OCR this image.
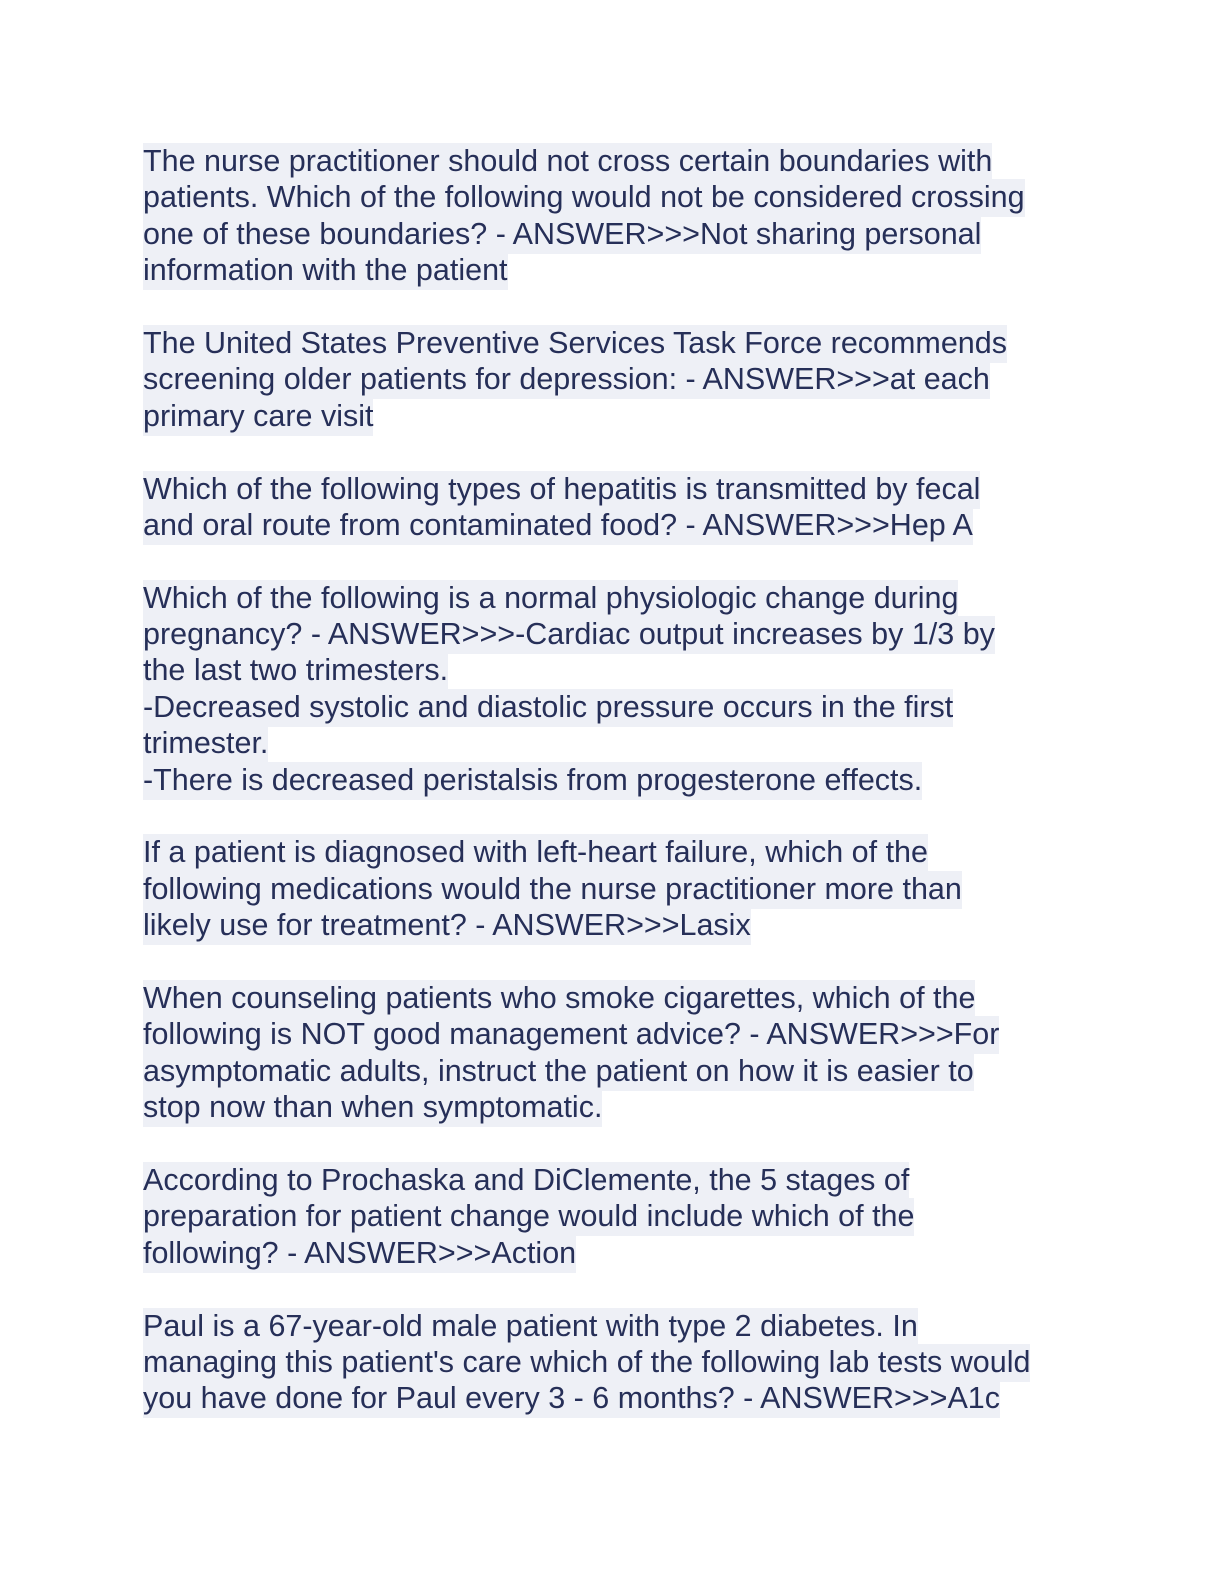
The nurse practitioner should not cross certain boundaries with
patients. Which of the following would not be considered crossing
one of these boundaries? - ANSWER>>>Not sharing personal
information with the patient
The United States Preventive Services Task Force recommends
screening older patients for depression: - ANSWER>>>at each
primary care visit
Which of the following types of hepatitis is transmitted by fecal
and oral route from contaminated food? - ANSWER>>>Hep A
Which of the following is a normal physiologic change during
pregnancy? - ANSWER>>>-Cardiac output increases by 1/3 by
the last two trimesters.
-Decreased systolic and diastolic pressure occurs in the first
trimester.
-There is decreased peristalsis from progesterone effects.
If a patient is diagnosed with left-heart failure, which of the
following medications would the nurse practitioner more than
likely use for treatment? - ANSWER>>>Lasix
When counseling patients who smoke cigarettes, which of the
following is NOT good management advice? - ANSWER>>>For
asymptomatic adults, instruct the patient on how it is easier to
stop now than when symptomatic.
According to Prochaska and DiClemente, the 5 stages of
preparation for patient change would include which of the
following? - ANSWER>>>Action
Paul is a 67-year-old male patient with type 2 diabetes. In
managing this patient's care which of the following lab tests would
you have done for Paul every 3 - 6 months? - ANSWER>>>A1c
